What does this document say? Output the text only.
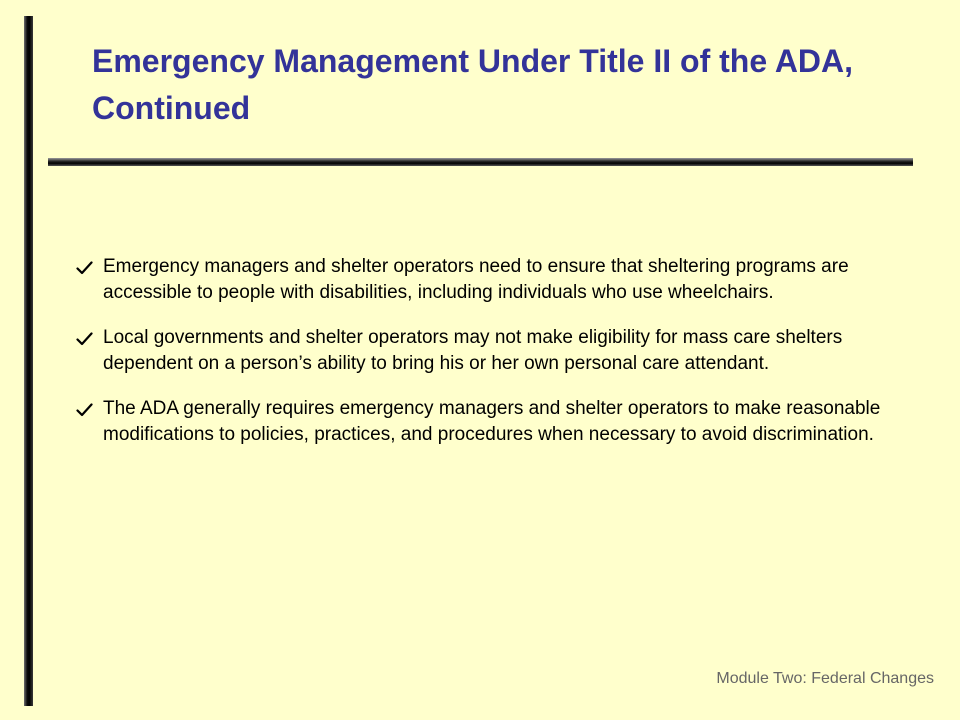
Emergency Management Under Title II of the ADA, Continued
Emergency managers and shelter operators need to ensure that sheltering programs are accessible to people with disabilities, including individuals who use wheelchairs.
Local governments and shelter operators may not make eligibility for mass care shelters dependent on a person’s ability to bring his or her own personal care attendant.
The ADA generally requires emergency managers and shelter operators to make reasonable modifications to policies, practices, and procedures when necessary to avoid discrimination.
Module Two: Federal Changes
